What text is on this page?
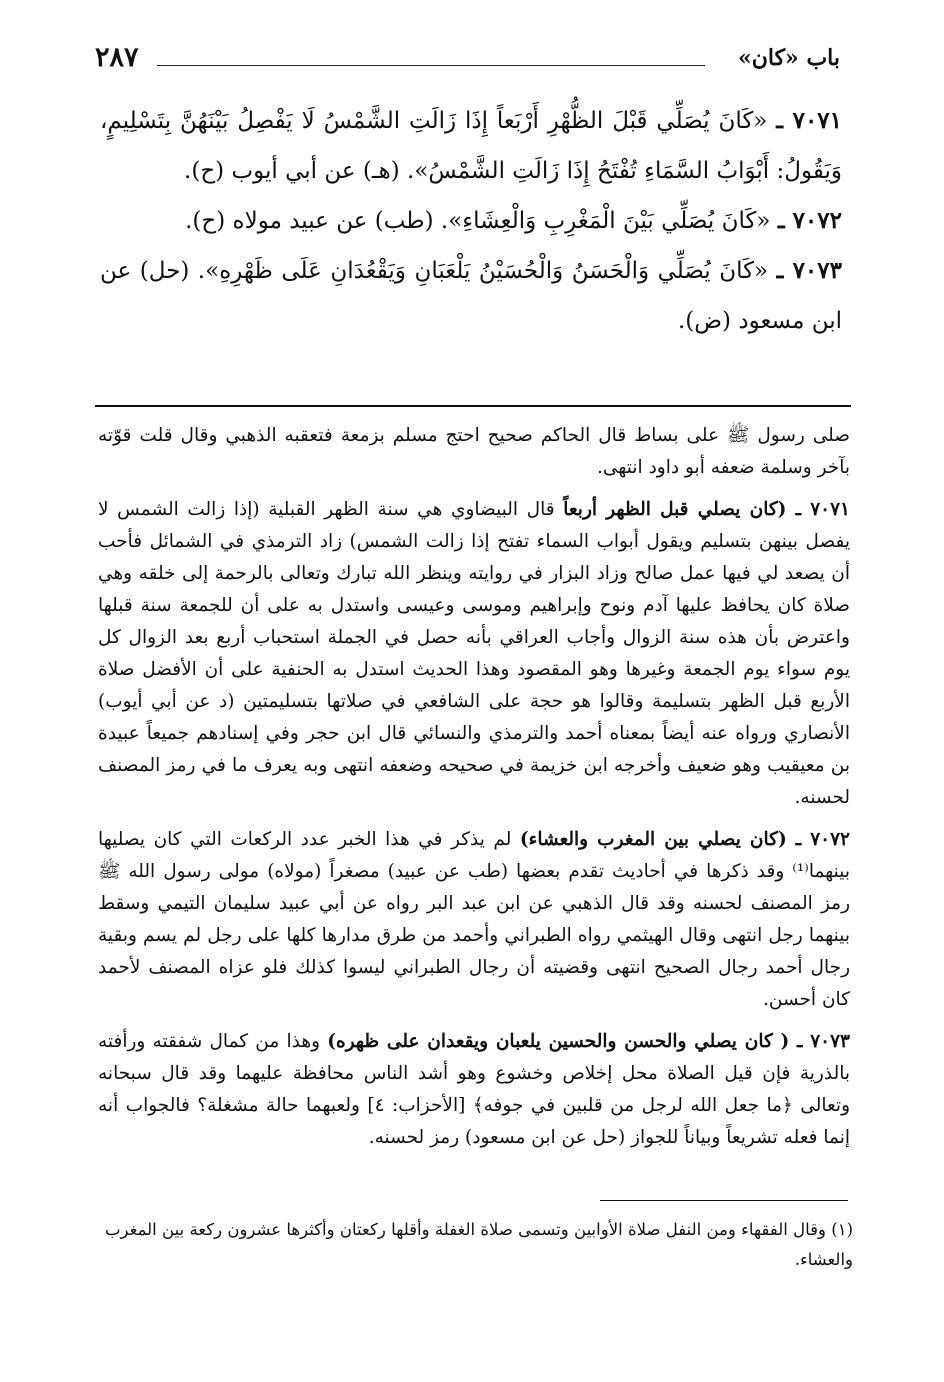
٢٨٧	باب «كان»

٧٠٧١ ـ «كَانَ يُصَلِّي قَبْلَ الظُّهْرِ أَرْبَعاً إِذَا زَالَتِ الشَّمْسُ لَا يَفْصِلُ بَيْنَهُنَّ بِتَسْلِيمٍ، وَيَقُولُ: أَبْوَابُ السَّمَاءِ تُفْتَحُ إِذَا زَالَتِ الشَّمْسُ». (هـ) عن أبي أيوب (ح).

٧٠٧٢ ـ «كَانَ يُصَلِّي بَيْنَ الْمَغْرِبِ وَالْعِشَاءِ». (طب) عن عبيد مولاه (ح).

٧٠٧٣ ـ «كَانَ يُصَلِّي وَالْحَسَنُ وَالْحُسَيْنُ يَلْعَبَانِ وَيَقْعُدَانِ عَلَى ظَهْرِهِ». (حل) عن ابن مسعود (ض).

صلى رسول ﷺ على بساط قال الحاكم صحيح احتج مسلم بزمعة فتعقبه الذهبي وقال قلت قوّته بآخر وسلمة ضعفه أبو داود انتهى.

٧٠٧١ ـ (كان يصلي قبل الظهر أربعاً قال البيضاوي هي سنة الظهر القبلية (إذا زالت الشمس لا يفصل بينهن بتسليم ويقول أبواب السماء تفتح إذا زالت الشمس) زاد الترمذي في الشمائل فأحب أن يصعد لي فيها عمل صالح وزاد البزار في روايته وينظر الله تبارك وتعالى بالرحمة إلى خلقه وهي صلاة كان يحافظ عليها آدم ونوح وإبراهيم وموسى وعيسى واستدل به على أن للجمعة سنة قبلها واعترض بأن هذه سنة الزوال وأجاب العراقي بأنه حصل في الجملة استحباب أربع بعد الزوال كل يوم سواء يوم الجمعة وغيرها وهو المقصود وهذا الحديث استدل به الحنفية على أن الأفضل صلاة الأربع قبل الظهر بتسليمة وقالوا هو حجة على الشافعي في صلاتها بتسليمتين (د عن أبي أيوب) الأنصاري ورواه عنه أيضاً بمعناه أحمد والترمذي والنسائي قال ابن حجر وفي إسنادهم جميعاً عبيدة بن معيقيب وهو ضعيف وأخرجه ابن خزيمة في صحيحه وضعفه انتهى وبه يعرف ما في رمز المصنف لحسنه.

٧٠٧٢ ـ (كان يصلي بين المغرب والعشاء) لم يذكر في هذا الخبر عدد الركعات التي كان يصليها بينهما⁽¹⁾ وقد ذكرها في أحاديث تقدم بعضها (طب عن عبيد) مصغراً (مولاه) مولى رسول الله ﷺ رمز المصنف لحسنه وقد قال الذهبي عن ابن عبد البر رواه عن أبي عبيد سليمان التيمي وسقط بينهما رجل انتهى وقال الهيثمي رواه الطبراني وأحمد من طرق مدارها كلها على رجل لم يسم وبقية رجال أحمد رجال الصحيح انتهى وقضيته أن رجال الطبراني ليسوا كذلك فلو عزاه المصنف لأحمد كان أحسن.

٧٠٧٣ ـ ( كان يصلي والحسن والحسين يلعبان ويقعدان على ظهره) وهذا من كمال شفقته ورأفته بالذرية فإن قيل الصلاة محل إخلاص وخشوع وهو أشد الناس محافظة عليهما وقد قال سبحانه وتعالى ﴿ما جعل الله لرجل من قلبين في جوفه﴾ [الأحزاب: ٤] ولعبهما حالة مشغلة؟ فالجواب أنه إنما فعله تشريعاً وبياناً للجواز (حل عن ابن مسعود) رمز لحسنه.

(١) وقال الفقهاء ومن النفل صلاة الأوابين وتسمى صلاة الغفلة وأقلها ركعتان وأكثرها عشرون ركعة بين المغرب والعشاء.
